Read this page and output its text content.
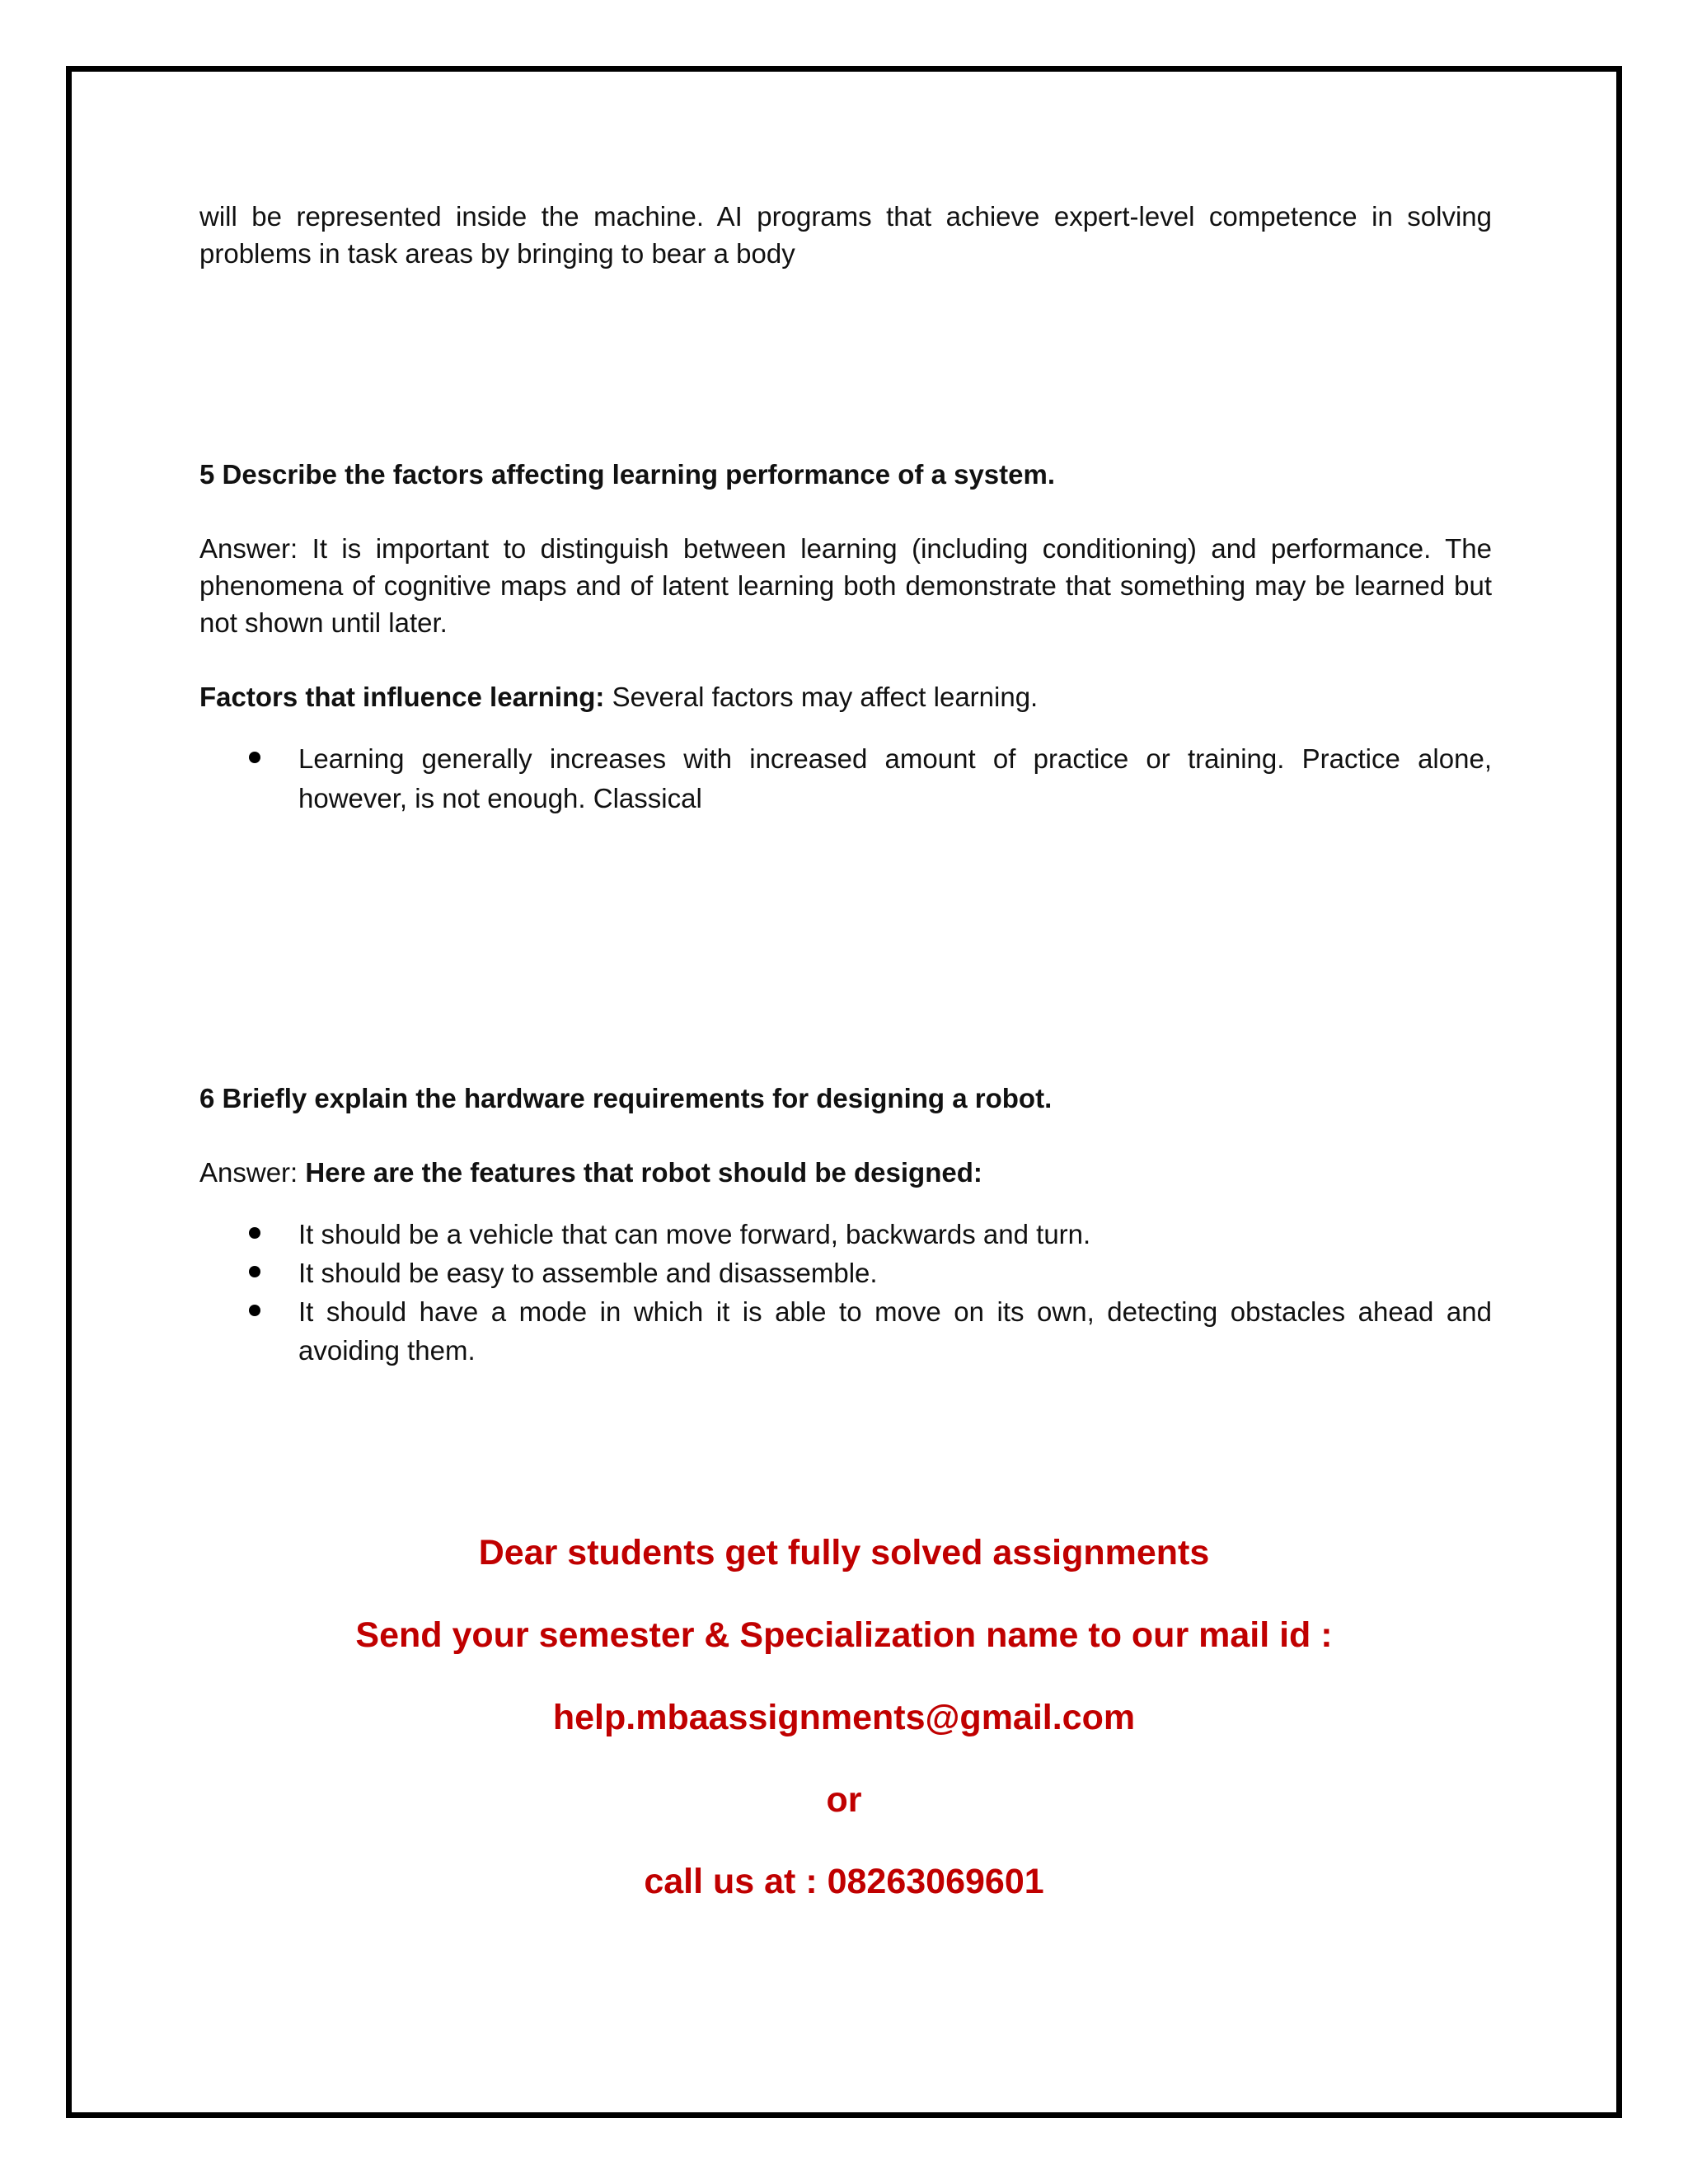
will be represented inside the machine. AI programs that achieve expert-level competence in solving problems in task areas by bringing to bear a body

5 Describe the factors affecting learning performance of a system.

Answer: It is important to distinguish between learning (including conditioning) and performance. The phenomena of cognitive maps and of latent learning both demonstrate that something may be learned but not shown until later.

Factors that influence learning: Several factors may affect learning.

Learning generally increases with increased amount of practice or training. Practice alone, however, is not enough. Classical

6 Briefly explain the hardware requirements for designing a robot.

Answer: Here are the features that robot should be designed:

It should be a vehicle that can move forward, backwards and turn.
It should be easy to assemble and disassemble.
It should have a mode in which it is able to move on its own, detecting obstacles ahead and avoiding them.
Dear students get fully solved assignments
Send your semester & Specialization name to our mail id :
help.mbaassignments@gmail.com
or
call us at : 08263069601
